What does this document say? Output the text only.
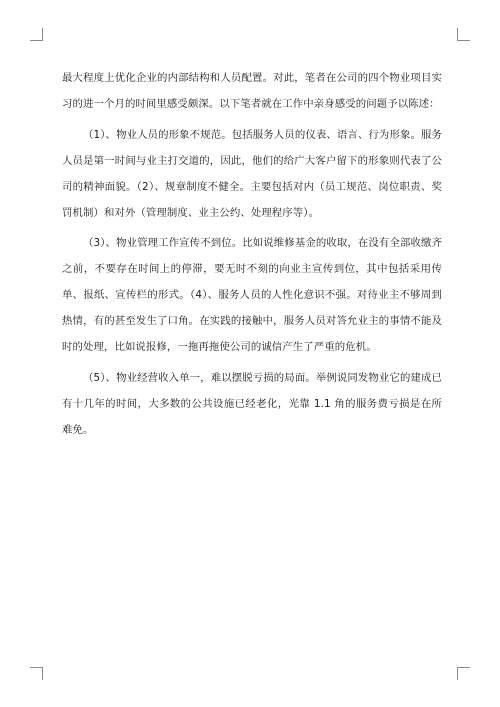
最大程度上优化企业的内部结构和人员配置。对此，笔者在公司的四个物业项目实习的进一个月的时间里感受颇深。以下笔者就在工作中亲身感受的问题予以陈述：

（1）、物业人员的形象不规范。包括服务人员的仪表、语言、行为形象。服务人员是第一时间与业主打交道的，因此，他们的给广大客户留下的形象则代表了公司的精神面貌。（2）、规章制度不健全。主要包括对内（员工规范、岗位职责、奖罚机制）和对外（管理制度、业主公约、处理程序等）。

（3）、物业管理工作宣传不到位。比如说维修基金的收取，在没有全部收缴齐之前，不要存在时间上的停滞，要无时不刻的向业主宣传到位，其中包括采用传单、报纸、宣传栏的形式。（4）、服务人员的人性化意识不强。对待业主不够周到热情，有的甚至发生了口角。在实践的接触中，服务人员对答允业主的事情不能及时的处理，比如说报修，一拖再拖使公司的诚信产生了严重的危机。

（5）、物业经营收入单一，难以摆脱亏损的局面。举例说同发物业它的建成已有十几年的时间，大多数的公共设施已经老化，光靠 1.1 角的服务费亏损是在所难免。
